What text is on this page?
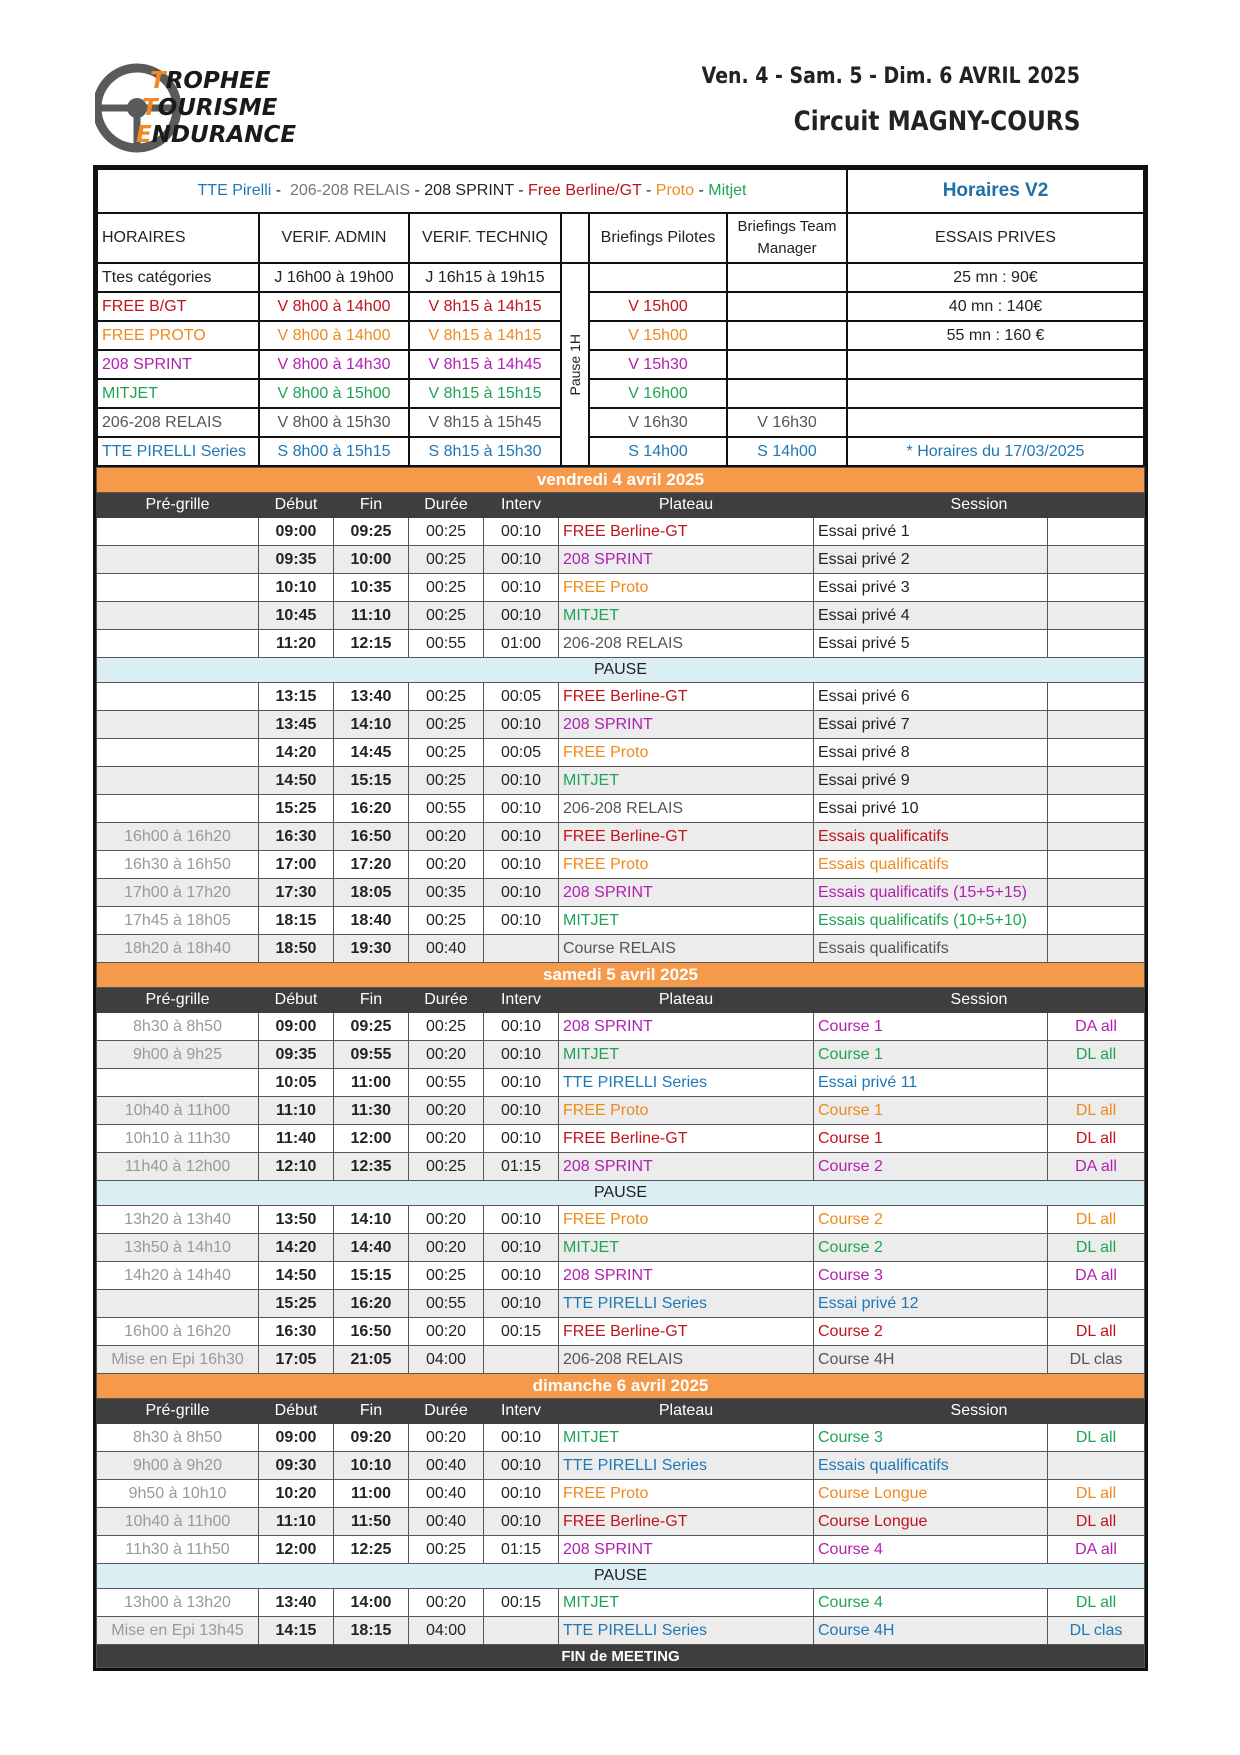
TROPHEE
TOURISME
ENDURANCE
Ven. 4 - Sam. 5 - Dim. 6 AVRIL 2025
Circuit MAGNY-COURS
TTE Pirelli -  206-208 RELAIS - 208 SPRINT - Free Berline/GT - Proto - Mitjet						Horaires V2
HORAIRES	VERIF. ADMIN	VERIF. TECHNIQ		Briefings Pilotes	Briefings Team Manager	ESSAIS PRIVES
Ttes catégories	J 16h00 à 19h00	J 16h15 à 19h15	Pause 1H			25 mn : 90€
FREE B/GT	V 8h00 à 14h00	V 8h15 à 14h15		V 15h00		40 mn : 140€
FREE PROTO	V 8h00 à 14h00	V 8h15 à 14h15		V 15h00		55 mn : 160 €
208 SPRINT	V 8h00 à 14h30	V 8h15 à 14h45		V 15h30		
MITJET	V 8h00 à 15h00	V 8h15 à 15h15		V 16h00		
206-208 RELAIS	V 8h00 à 15h30	V 8h15 à 15h45		V 16h30	V 16h30	
TTE PIRELLI Series	S 8h00 à 15h15	S 8h15 à 15h30		S 14h00	S 14h00	* Horaires du 17/03/2025
vendredi 4 avril 2025							
Pré-grille	Début	Fin	Durée	Interv	Plateau	Session	
	09:00	09:25	00:25	00:10	FREE Berline-GT	Essai privé 1	
	09:35	10:00	00:25	00:10	208 SPRINT	Essai privé 2	
	10:10	10:35	00:25	00:10	FREE Proto	Essai privé 3	
	10:45	11:10	00:25	00:10	MITJET	Essai privé 4	
	11:20	12:15	00:55	01:00	206-208 RELAIS	Essai privé 5	
PAUSE							
	13:15	13:40	00:25	00:05	FREE Berline-GT	Essai privé 6	
	13:45	14:10	00:25	00:10	208 SPRINT	Essai privé 7	
	14:20	14:45	00:25	00:05	FREE Proto	Essai privé 8	
	14:50	15:15	00:25	00:10	MITJET	Essai privé 9	
	15:25	16:20	00:55	00:10	206-208 RELAIS	Essai privé 10	
16h00 à 16h20	16:30	16:50	00:20	00:10	FREE Berline-GT	Essais qualificatifs	
16h30 à 16h50	17:00	17:20	00:20	00:10	FREE Proto	Essais qualificatifs	
17h00 à 17h20	17:30	18:05	00:35	00:10	208 SPRINT	Essais qualificatifs (15+5+15)	
17h45 à 18h05	18:15	18:40	00:25	00:10	MITJET	Essais qualificatifs (10+5+10)	
18h20 à 18h40	18:50	19:30	00:40		Course RELAIS	Essais qualificatifs	
samedi 5 avril 2025							
Pré-grille	Début	Fin	Durée	Interv	Plateau	Session	
8h30 à 8h50	09:00	09:25	00:25	00:10	208 SPRINT	Course 1	DA all
9h00 à 9h25	09:35	09:55	00:20	00:10	MITJET	Course 1	DL all
	10:05	11:00	00:55	00:10	TTE PIRELLI Series	Essai privé 11	
10h40 à 11h00	11:10	11:30	00:20	00:10	FREE Proto	Course 1	DL all
10h10 à 11h30	11:40	12:00	00:20	00:10	FREE Berline-GT	Course 1	DL all
11h40 à 12h00	12:10	12:35	00:25	01:15	208 SPRINT	Course 2	DA all
PAUSE							
13h20 à 13h40	13:50	14:10	00:20	00:10	FREE Proto	Course 2	DL all
13h50 à 14h10	14:20	14:40	00:20	00:10	MITJET	Course 2	DL all
14h20 à 14h40	14:50	15:15	00:25	00:10	208 SPRINT	Course 3	DA all
	15:25	16:20	00:55	00:10	TTE PIRELLI Series	Essai privé 12	
16h00 à 16h20	16:30	16:50	00:20	00:15	FREE Berline-GT	Course 2	DL all
Mise en Epi 16h30	17:05	21:05	04:00		206-208 RELAIS	Course 4H	DL clas
dimanche 6 avril 2025							
Pré-grille	Début	Fin	Durée	Interv	Plateau	Session	
8h30 à 8h50	09:00	09:20	00:20	00:10	MITJET	Course 3	DL all
9h00 à 9h20	09:30	10:10	00:40	00:10	TTE PIRELLI Series	Essais qualificatifs	
9h50 à 10h10	10:20	11:00	00:40	00:10	FREE Proto	Course Longue	DL all
10h40 à 11h00	11:10	11:50	00:40	00:10	FREE Berline-GT	Course Longue	DL all
11h30 à 11h50	12:00	12:25	00:25	01:15	208 SPRINT	Course 4	DA all
PAUSE							
13h00 à 13h20	13:40	14:00	00:20	00:15	MITJET	Course 4	DL all
Mise en Epi 13h45	14:15	18:15	04:00		TTE PIRELLI Series	Course 4H	DL clas
FIN de MEETING							
